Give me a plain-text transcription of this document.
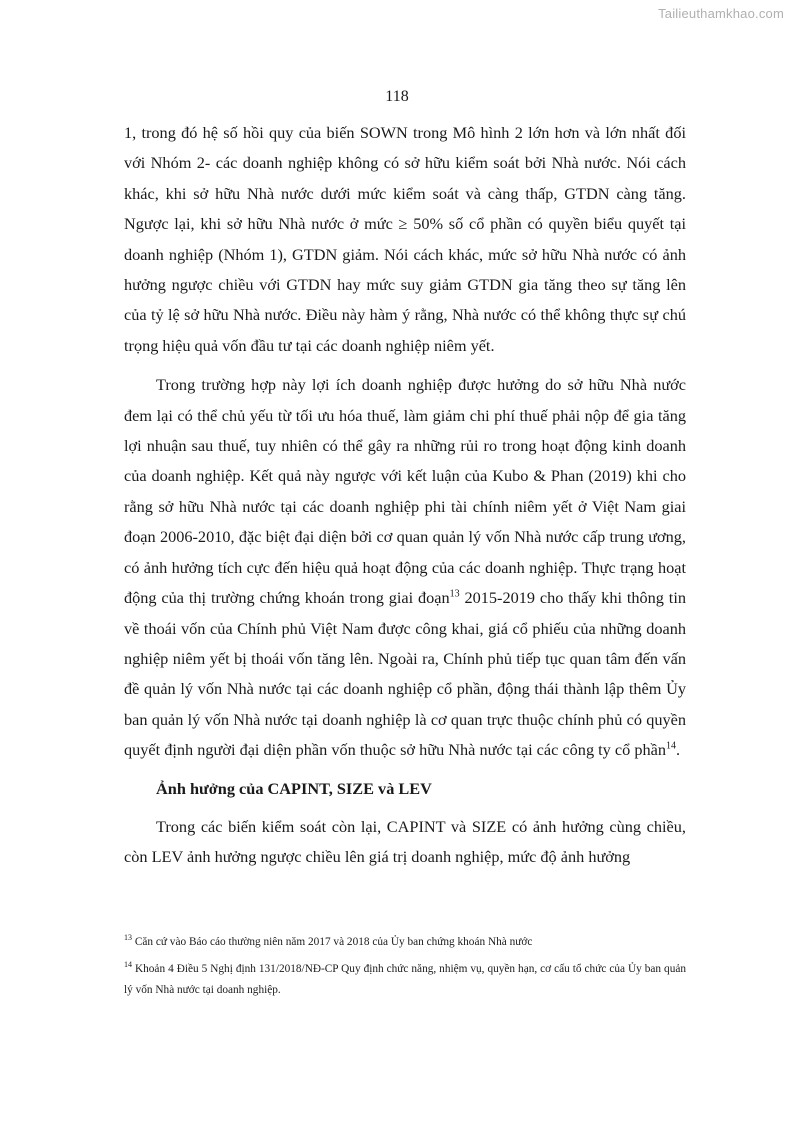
Tailieuthamkhao.com
118

1, trong đó hệ số hồi quy của biến SOWN trong Mô hình 2 lớn hơn và lớn nhất đối với Nhóm 2- các doanh nghiệp không có sở hữu kiểm soát bởi Nhà nước. Nói cách khác, khi sở hữu Nhà nước dưới mức kiểm soát và càng thấp, GTDN càng tăng. Ngược lại, khi sở hữu Nhà nước ở mức ≥ 50% số cổ phần có quyền biểu quyết tại doanh nghiệp (Nhóm 1), GTDN giảm. Nói cách khác, mức sở hữu Nhà nước có ảnh hưởng ngược chiều với GTDN hay mức suy giảm GTDN gia tăng theo sự tăng lên của tỷ lệ sở hữu Nhà nước. Điều này hàm ý rằng, Nhà nước có thể không thực sự chú trọng hiệu quả vốn đầu tư tại các doanh nghiệp niêm yết.

Trong trường hợp này lợi ích doanh nghiệp được hưởng do sở hữu Nhà nước đem lại có thể chủ yếu từ tối ưu hóa thuế, làm giảm chi phí thuế phải nộp để gia tăng lợi nhuận sau thuế, tuy nhiên có thể gây ra những rủi ro trong hoạt động kinh doanh của doanh nghiệp. Kết quả này ngược với kết luận của Kubo & Phan (2019) khi cho rằng sở hữu Nhà nước tại các doanh nghiệp phi tài chính niêm yết ở Việt Nam giai đoạn 2006-2010, đặc biệt đại diện bởi cơ quan quản lý vốn Nhà nước cấp trung ương, có ảnh hưởng tích cực đến hiệu quả hoạt động của các doanh nghiệp. Thực trạng hoạt động của thị trường chứng khoán trong giai đoạn$^{13}$ 2015-2019 cho thấy khi thông tin về thoái vốn của Chính phủ Việt Nam được công khai, giá cổ phiếu của những doanh nghiệp niêm yết bị thoái vốn tăng lên. Ngoài ra, Chính phủ tiếp tục quan tâm đến vấn đề quản lý vốn Nhà nước tại các doanh nghiệp cổ phần, động thái thành lập thêm Ủy ban quản lý vốn Nhà nước tại doanh nghiệp là cơ quan trực thuộc chính phủ có quyền quyết định người đại diện phần vốn thuộc sở hữu Nhà nước tại các công ty cổ phần$^{14}$.

Ảnh hưởng của CAPINT, SIZE và LEV

Trong các biến kiểm soát còn lại, CAPINT và SIZE có ảnh hưởng cùng chiều, còn LEV ảnh hưởng ngược chiều lên giá trị doanh nghiệp, mức độ ảnh hưởng

$^{13}$ Căn cứ vào Báo cáo thường niên năm 2017 và 2018 của Ủy ban chứng khoán Nhà nước

$^{14}$ Khoản 4 Điều 5 Nghị định 131/2018/NĐ-CP Quy định chức năng, nhiệm vụ, quyền hạn, cơ cấu tổ chức của Ủy ban quản lý vốn Nhà nước tại doanh nghiệp.
